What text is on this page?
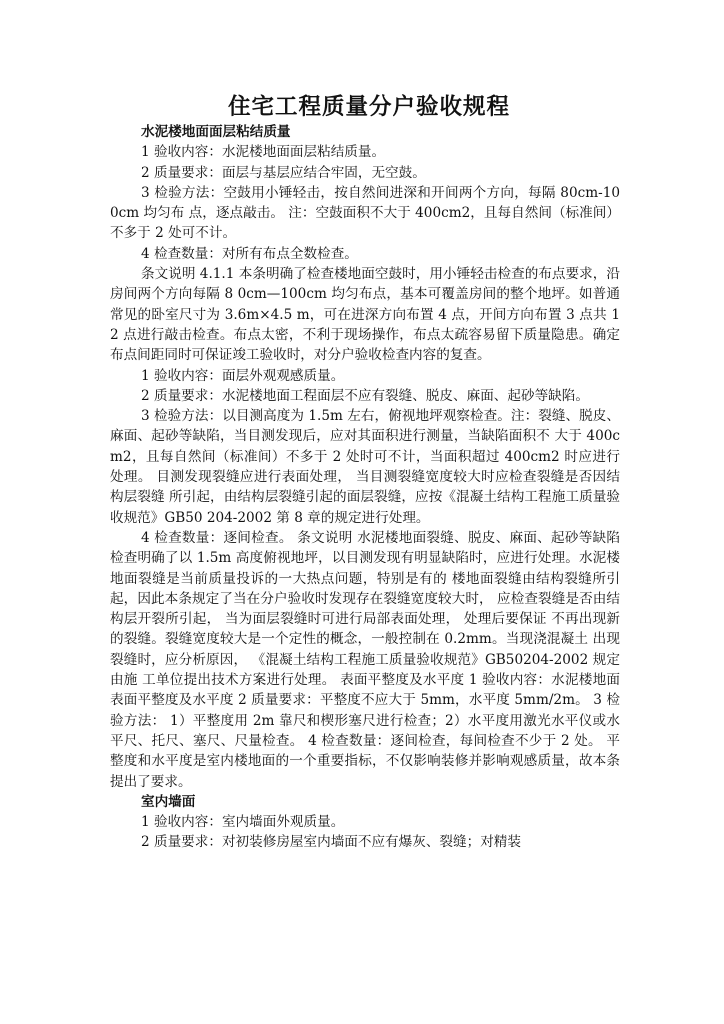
住宅工程质量分户验收规程

水泥楼地面面层粘结质量

1 验收内容：水泥楼地面面层粘结质量。

2 质量要求：面层与基层应结合牢固，无空鼓。

3 检验方法：空鼓用小锤轻击，按自然间进深和开间两个方向，每隔 80cm-100cm 均匀布 点，逐点敲击。 注：空鼓面积不大于 400cm2，且每自然间（标准间）不多于 2 处可不计。

4 检查数量：对所有布点全数检查。

条文说明 4.1.1 本条明确了检查楼地面空鼓时，用小锤轻击检查的布点要求，沿房间两个方向每隔 8 0cm—100cm 均匀布点，基本可覆盖房间的整个地坪。如普通常见的卧室尺寸为 3.6m×4.5 m，可在进深方向布置 4 点，开间方向布置 3 点共 12 点进行敲击检查。布点太密，不利于现场操作，布点太疏容易留下质量隐患。确定布点间距同时可保证竣工验收时，对分户验收检查内容的复查。

1 验收内容：面层外观观感质量。

2 质量要求：水泥楼地面工程面层不应有裂缝、脱皮、麻面、起砂等缺陷。

3 检验方法：以目测高度为 1.5m 左右，俯视地坪观察检查。注：裂缝、脱皮、麻面、起砂等缺陷，当目测发现后，应对其面积进行测量，当缺陷面积不 大于 400cm2，且每自然间（标准间）不多于 2 处时可不计，当面积超过 400cm2 时应进行 处理。 目测发现裂缝应进行表面处理， 当目测裂缝宽度较大时应检查裂缝是否因结构层裂缝 所引起，由结构层裂缝引起的面层裂缝，应按《混凝土结构工程施工质量验收规范》GB50 204-2002 第 8 章的规定进行处理。

4 检查数量：逐间检查。 条文说明 水泥楼地面裂缝、脱皮、麻面、起砂等缺陷检查明确了以 1.5m 高度俯视地坪，以目测发现有明显缺陷时，应进行处理。水泥楼地面裂缝是当前质量投诉的一大热点问题，特别是有的 楼地面裂缝由结构裂缝所引起，因此本条规定了当在分户验收时发现存在裂缝宽度较大时， 应检查裂缝是否由结构层开裂所引起， 当为面层裂缝时可进行局部表面处理， 处理后要保证 不再出现新的裂缝。裂缝宽度较大是一个定性的概念，一般控制在 0.2mm。当现浇混凝土 出现裂缝时，应分析原因， 《混凝土结构工程施工质量验收规范》GB50204-2002 规定由施 工单位提出技术方案进行处理。 表面平整度及水平度 1 验收内容：水泥楼地面表面平整度及水平度 2 质量要求：平整度不应大于 5mm，水平度 5mm/2m。 3 检验方法： 1）平整度用 2m 靠尺和楔形塞尺进行检查；2）水平度用激光水平仪或水平尺、托尺、塞尺、尺量检查。 4 检查数量：逐间检查，每间检查不少于 2 处。 平整度和水平度是室内楼地面的一个重要指标，不仅影响装修并影响观感质量，故本条提出了要求。

室内墙面

1 验收内容：室内墙面外观质量。

2 质量要求：对初装修房屋室内墙面不应有爆灰、裂缝；对精装
